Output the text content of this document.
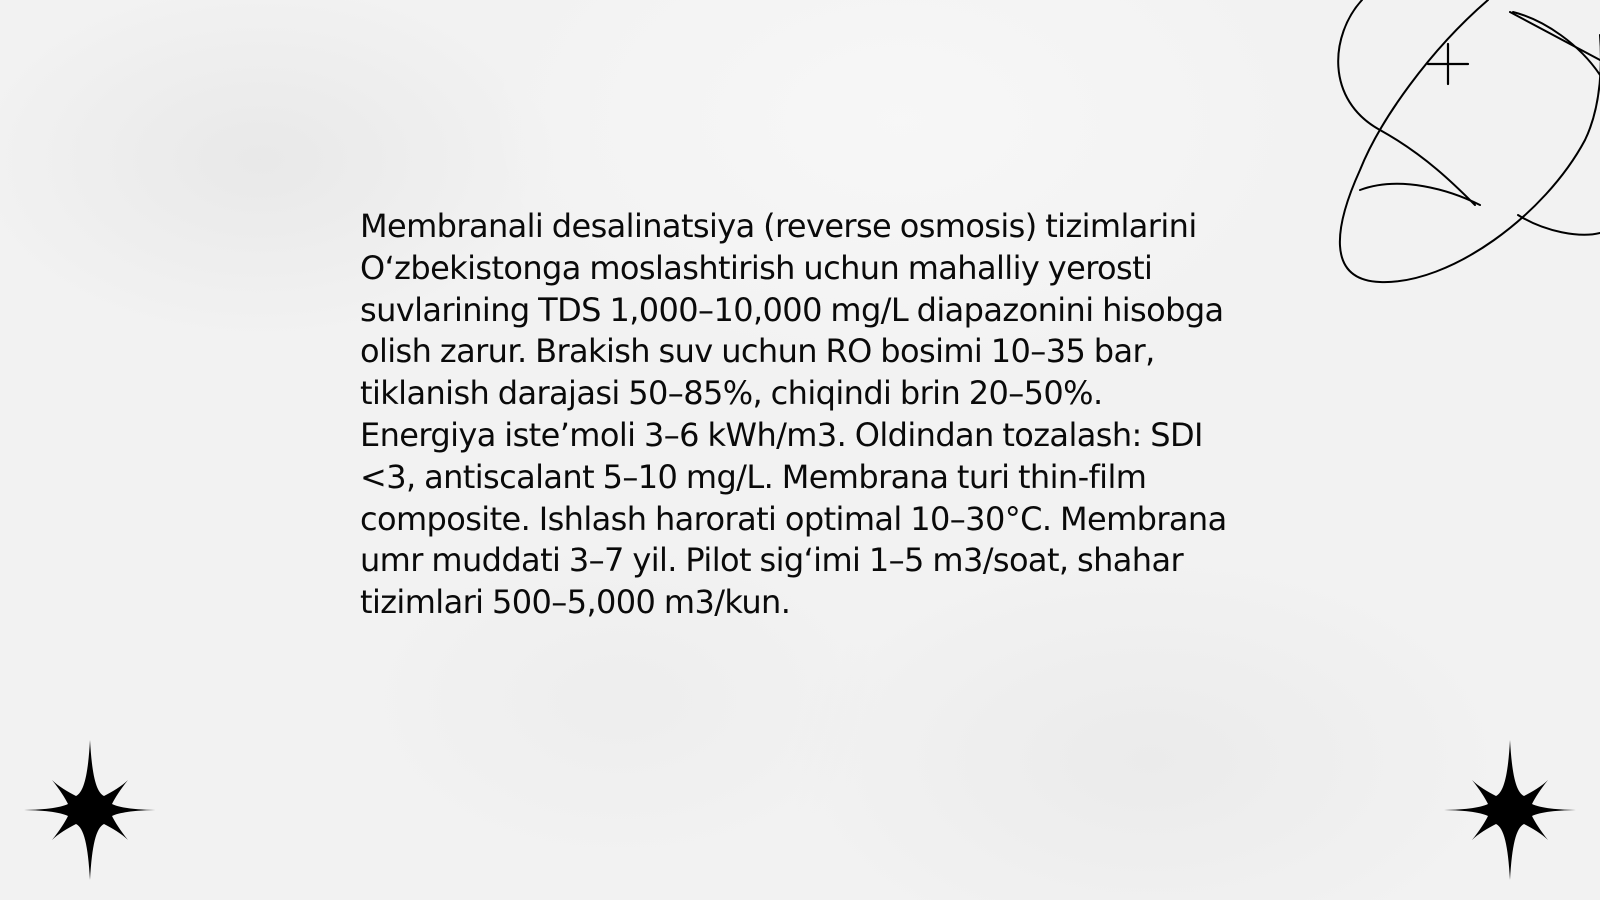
Membranali desalinatsiya (reverse osmosis) tizimlarini O‘zbekistonga moslashtirish uchun mahalliy yerosti suvlarining TDS 1,000–10,000 mg/L diapazonini hisobga olish zarur. Brakish suv uchun RO bosimi 10–35 bar, tiklanish darajasi 50–85%, chiqindi brin 20–50%. Energiya iste’moli 3–6 kWh/m3. Oldindan tozalash: SDI <3, antiscalant 5–10 mg/L. Membrana turi thin-film composite. Ishlash harorati optimal 10–30°C. Membrana umr muddati 3–7 yil. Pilot sig‘imi 1–5 m3/soat, shahar tizimlari 500–5,000 m3/kun.
